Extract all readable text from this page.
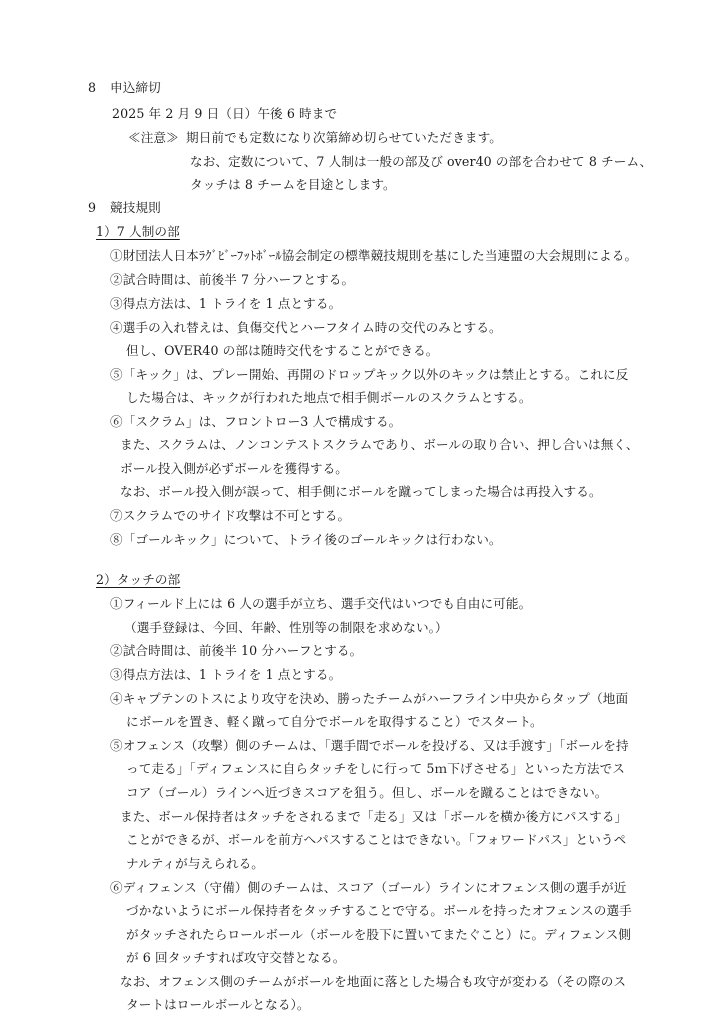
8 申込締切
2025 年 2 月 9 日（日）午後 6 時まで
≪注意≫ 期日前でも定数になり次第締め切らせていただきます。
なお、定数について、7 人制は一般の部及び over40 の部を合わせて 8 チーム、
タッチは 8 チームを目途とします。
9 競技規則
1）7 人制の部
①財団法人日本ﾗｸﾞﾋﾞｰﾌｯﾄﾎﾞｰﾙ協会制定の標準競技規則を基にした当連盟の大会規則による。
②試合時間は、前後半 7 分ハーフとする。
③得点方法は、1 トライを 1 点とする。
④選手の入れ替えは、負傷交代とハーフタイム時の交代のみとする。
但し、OVER40 の部は随時交代をすることができる。
⑤「キック」は、プレー開始、再開のドロップキック以外のキックは禁止とする。これに反
した場合は、キックが行われた地点で相手側ボールのスクラムとする。
⑥「スクラム」は、フロントロー3 人で構成する。
また、スクラムは、ノンコンテストスクラムであり、ボールの取り合い、押し合いは無く、
ボール投入側が必ずボールを獲得する。
なお、ボール投入側が誤って、相手側にボールを蹴ってしまった場合は再投入する。
⑦スクラムでのサイド攻撃は不可とする。
⑧「ゴールキック」について、トライ後のゴールキックは行わない。
2）タッチの部
①フィールド上には 6 人の選手が立ち、選手交代はいつでも自由に可能。
（選手登録は、今回、年齢、性別等の制限を求めない。）
②試合時間は、前後半 10 分ハーフとする。
③得点方法は、1 トライを 1 点とする。
④キャプテンのトスにより攻守を決め、勝ったチームがハーフライン中央からタップ（地面
にボールを置き、軽く蹴って自分でボールを取得すること）でスタート。
⑤オフェンス（攻撃）側のチームは、「選手間でボールを投げる、又は手渡す」「ボールを持
って走る」「ディフェンスに自らタッチをしに行って 5ｍ下げさせる」といった方法でス
コア（ゴール）ラインへ近づきスコアを狙う。但し、ボールを蹴ることはできない。
また、ボール保持者はタッチをされるまで「走る」又は「ボールを横か後方にパスする」
ことができるが、ボールを前方へパスすることはできない。「フォワードパス」というペ
ナルティが与えられる。
⑥ディフェンス（守備）側のチームは、スコア（ゴール）ラインにオフェンス側の選手が近
づかないようにボール保持者をタッチすることで守る。ボールを持ったオフェンスの選手
がタッチされたらロールボール（ボールを股下に置いてまたぐこと）に。ディフェンス側
が 6 回タッチすれば攻守交替となる。
なお、オフェンス側のチームがボールを地面に落とした場合も攻守が変わる（その際のス
タートはロールボールとなる）。
